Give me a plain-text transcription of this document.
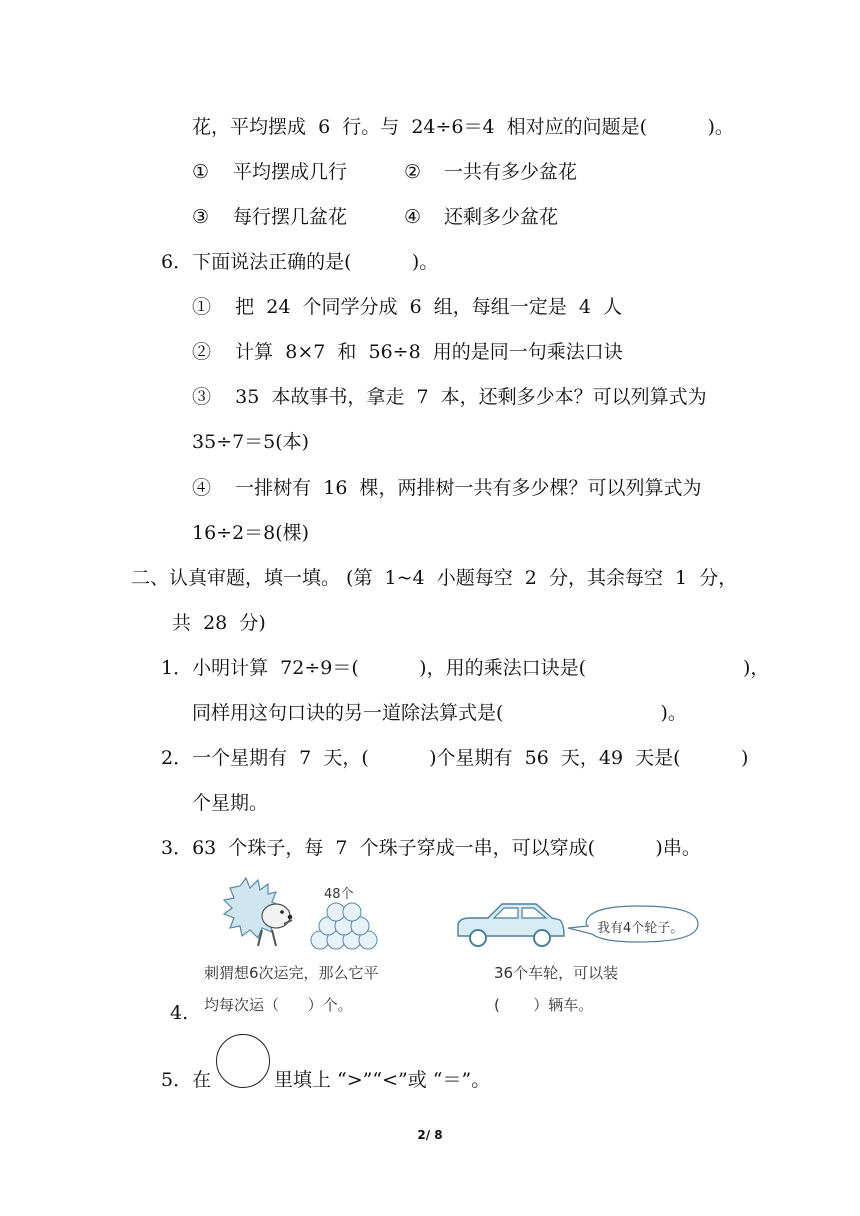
花，平均摆成  6  行。与  24÷6＝4  相对应的问题是(          )。
① 平均摆成几行	② 一共有多少盆花
③ 每行摆几盆花	④ 还剩多少盆花
6．下面说法正确的是(          )。
①    把  24  个同学分成  6  组，每组一定是  4  人
②    计算  8×7  和  56÷8  用的是同一句乘法口诀
③    35  本故事书，拿走  7  本，还剩多少本？可以列算式为
35÷7＝5(本)
④    一排树有  16  棵，两排树一共有多少棵？可以列算式为
16÷2＝8(棵)
二、认真审题，填一填。 (第  1~4  小题每空  2  分，其余每空  1  分，
共  28  分)
1．小明计算  72÷9＝(          )，用的乘法口诀是(                          )，
同样用这句口诀的另一道除法算式是(                          )。
2．一个星期有  7  天，(          )个星期有  56  天，49  天是(          )
个星期。
3．63  个珠子，每  7  个珠子穿成一串，可以穿成(          )串。
4.
48个
刺猬想6次运完，那么它平
均每次运（      ）个。
我有4个轮子。
36个车轮，可以装
(       ）辆车。
5．在	里填上 “>”“<”或 “＝”。
2/ 8
